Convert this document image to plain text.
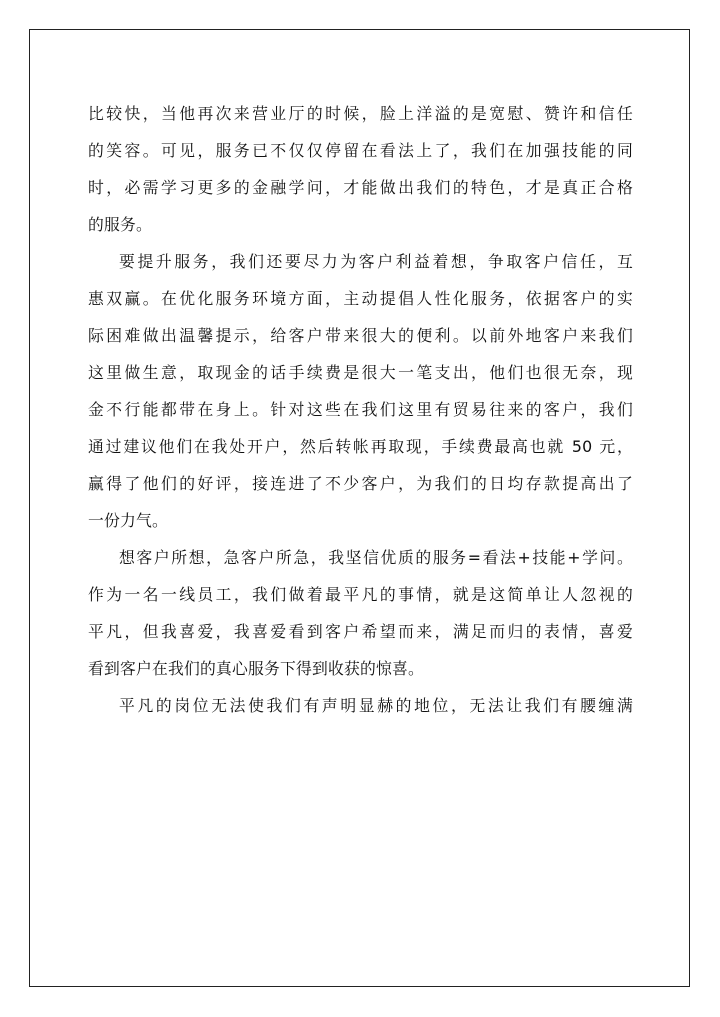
比较快，当他再次来营业厅的时候，脸上洋溢的是宽慰、赞许和信任
的笑容。可见，服务已不仅仅停留在看法上了，我们在加强技能的同
时，必需学习更多的金融学问，才能做出我们的特色，才是真正合格
的服务。
要提升服务，我们还要尽力为客户利益着想，争取客户信任，互
惠双赢。在优化服务环境方面，主动提倡人性化服务，依据客户的实
际困难做出温馨提示，给客户带来很大的便利。以前外地客户来我们
这里做生意，取现金的话手续费是很大一笔支出，他们也很无奈，现
金不行能都带在身上。针对这些在我们这里有贸易往来的客户，我们
通过建议他们在我处开户，然后转帐再取现，手续费最高也就 50 元，
赢得了他们的好评，接连进了不少客户，为我们的日均存款提高出了
一份力气。
想客户所想，急客户所急，我坚信优质的服务=看法+技能+学问。
作为一名一线员工，我们做着最平凡的事情，就是这简单让人忽视的
平凡，但我喜爱，我喜爱看到客户希望而来，满足而归的表情，喜爱
看到客户在我们的真心服务下得到收获的惊喜。
平凡的岗位无法使我们有声明显赫的地位，无法让我们有腰缠满
